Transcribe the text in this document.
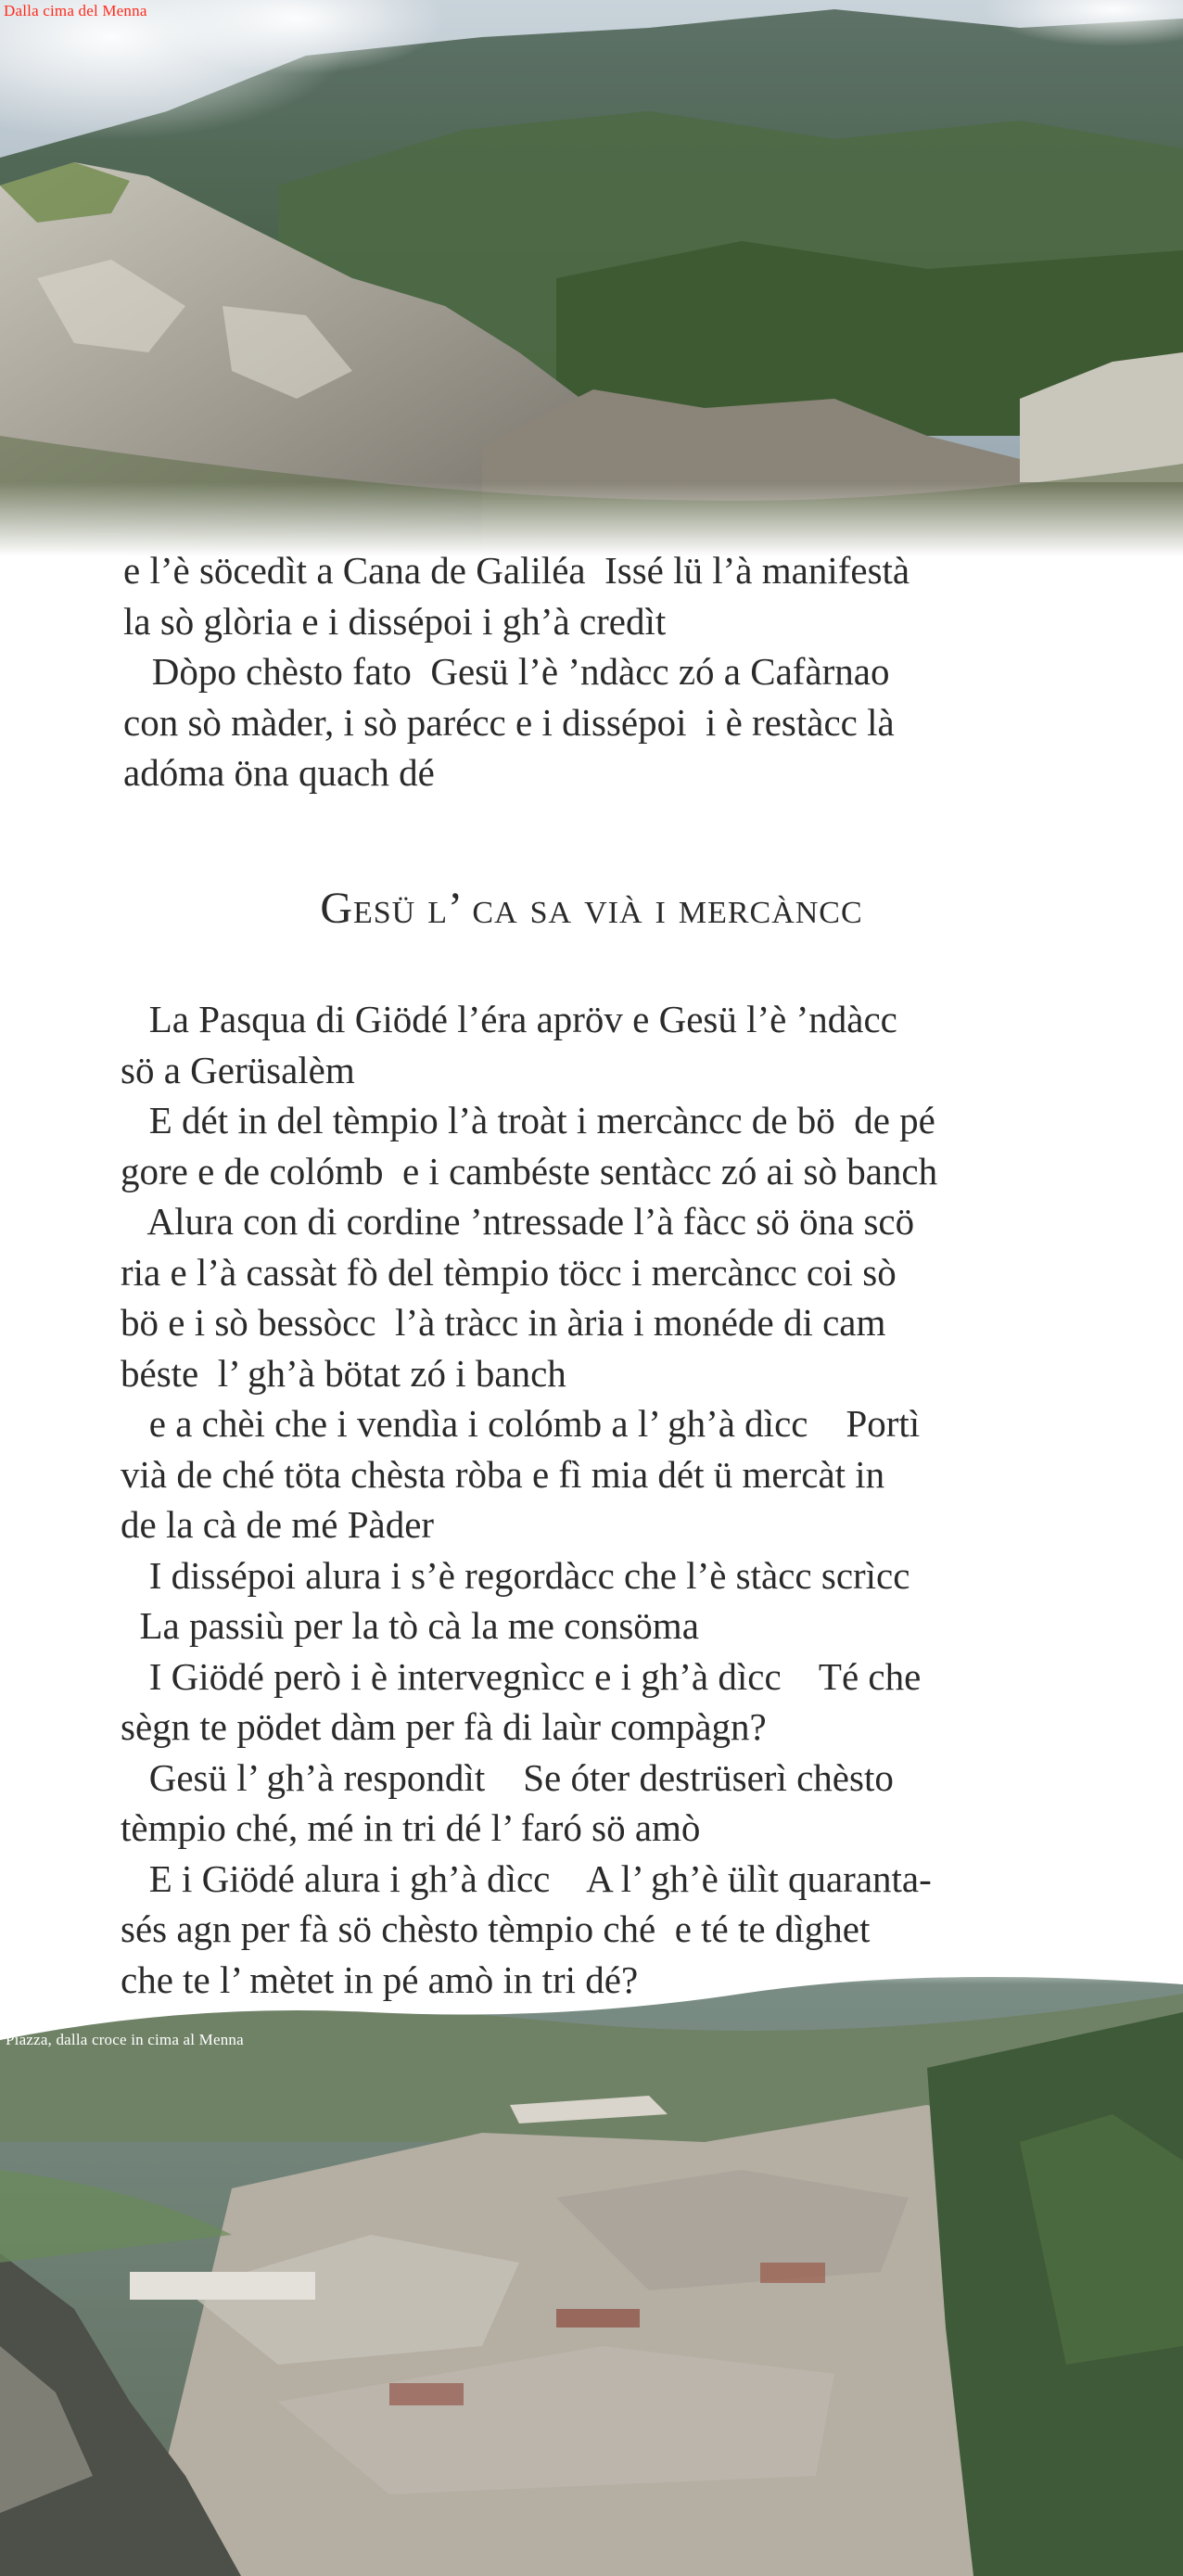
Dalla cima del Menna

e l’è söcedìt a Cana de Galiléa  Issé lü l’à manifestà

la sò glòria e i dissépoi i gh’à credìt

Dòpo chèsto fato  Gesü l’è ’ndàcc zó a Cafàrnao

con sò màder, i sò parécc e i dissépoi  i è restàcc là

adóma öna quach dé

Gesü l’ ca sa vià i mercàncc

La Pasqua di Giödé l’éra apröv e Gesü l’è ’ndàcc

sö a Gerüsalèm

E dét in del tèmpio l’à troàt i mercàncc de bö  de pé

gore e de colómb  e i cambéste sentàcc zó ai sò banch

Alura con di cordine ’ntressade l’à fàcc sö öna scö

ria e l’à cassàt fò del tèmpio töcc i mercàncc coi sò

bö e i sò bessòcc  l’à tràcc in ària i monéde di cam

béste  l’ gh’à bötat zó i banch

e a chèi che i vendìa i colómb a l’ gh’à dìcc    Portì

vià de ché töta chèsta ròba e fì mia dét ü mercàt in

de la cà de mé Pàder

I dissépoi alura i s’è regordàcc che l’è stàcc scrìcc

La passiù per la tò cà la me consöma

I Giödé però i è intervegnìcc e i gh’à dìcc    Té che

sègn te pödet dàm per fà di laùr compàgn?

Gesü l’ gh’à respondìt    Se óter destrüserì chèsto

tèmpio ché, mé in tri dé l’ faró sö amò

E i Giödé alura i gh’à dìcc    A l’ gh’è ülìt quaranta-

sés agn per fà sö chèsto tèmpio ché  e té te dìghet

che te l’ mètet in pé amò in tri dé?

Piazza, dalla croce in cima al Menna
